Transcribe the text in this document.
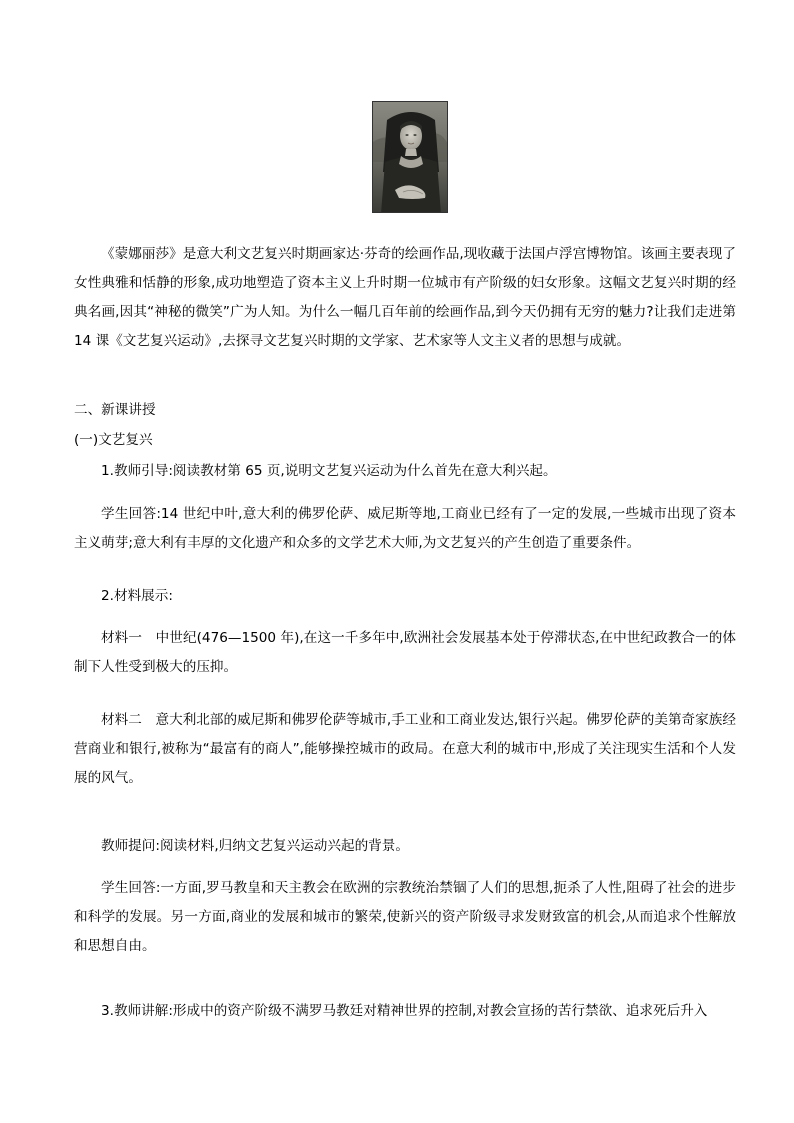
《蒙娜丽莎》是意大利文艺复兴时期画家达·芬奇的绘画作品,现收藏于法国卢浮宫博物馆。该画主要表现了女性典雅和恬静的形象,成功地塑造了资本主义上升时期一位城市有产阶级的妇女形象。这幅文艺复兴时期的经典名画,因其“神秘的微笑”广为人知。为什么一幅几百年前的绘画作品,到今天仍拥有无穷的魅力?让我们走进第 14 课《文艺复兴运动》,去探寻文艺复兴时期的文学家、艺术家等人文主义者的思想与成就。

二、新课讲授

(一)文艺复兴

1.教师引导:阅读教材第 65 页,说明文艺复兴运动为什么首先在意大利兴起。

学生回答:14 世纪中叶,意大利的佛罗伦萨、威尼斯等地,工商业已经有了一定的发展,一些城市出现了资本主义萌芽;意大利有丰厚的文化遗产和众多的文学艺术大师,为文艺复兴的产生创造了重要条件。

2.材料展示:

材料一　中世纪(476—1500 年),在这一千多年中,欧洲社会发展基本处于停滞状态,在中世纪政教合一的体制下人性受到极大的压抑。

材料二　意大利北部的威尼斯和佛罗伦萨等城市,手工业和工商业发达,银行兴起。佛罗伦萨的美第奇家族经营商业和银行,被称为“最富有的商人”,能够操控城市的政局。在意大利的城市中,形成了关注现实生活和个人发展的风气。

教师提问:阅读材料,归纳文艺复兴运动兴起的背景。

学生回答:一方面,罗马教皇和天主教会在欧洲的宗教统治禁锢了人们的思想,扼杀了人性,阻碍了社会的进步和科学的发展。另一方面,商业的发展和城市的繁荣,使新兴的资产阶级寻求发财致富的机会,从而追求个性解放和思想自由。

3.教师讲解:形成中的资产阶级不满罗马教廷对精神世界的控制,对教会宣扬的苦行禁欲、追求死后升入
